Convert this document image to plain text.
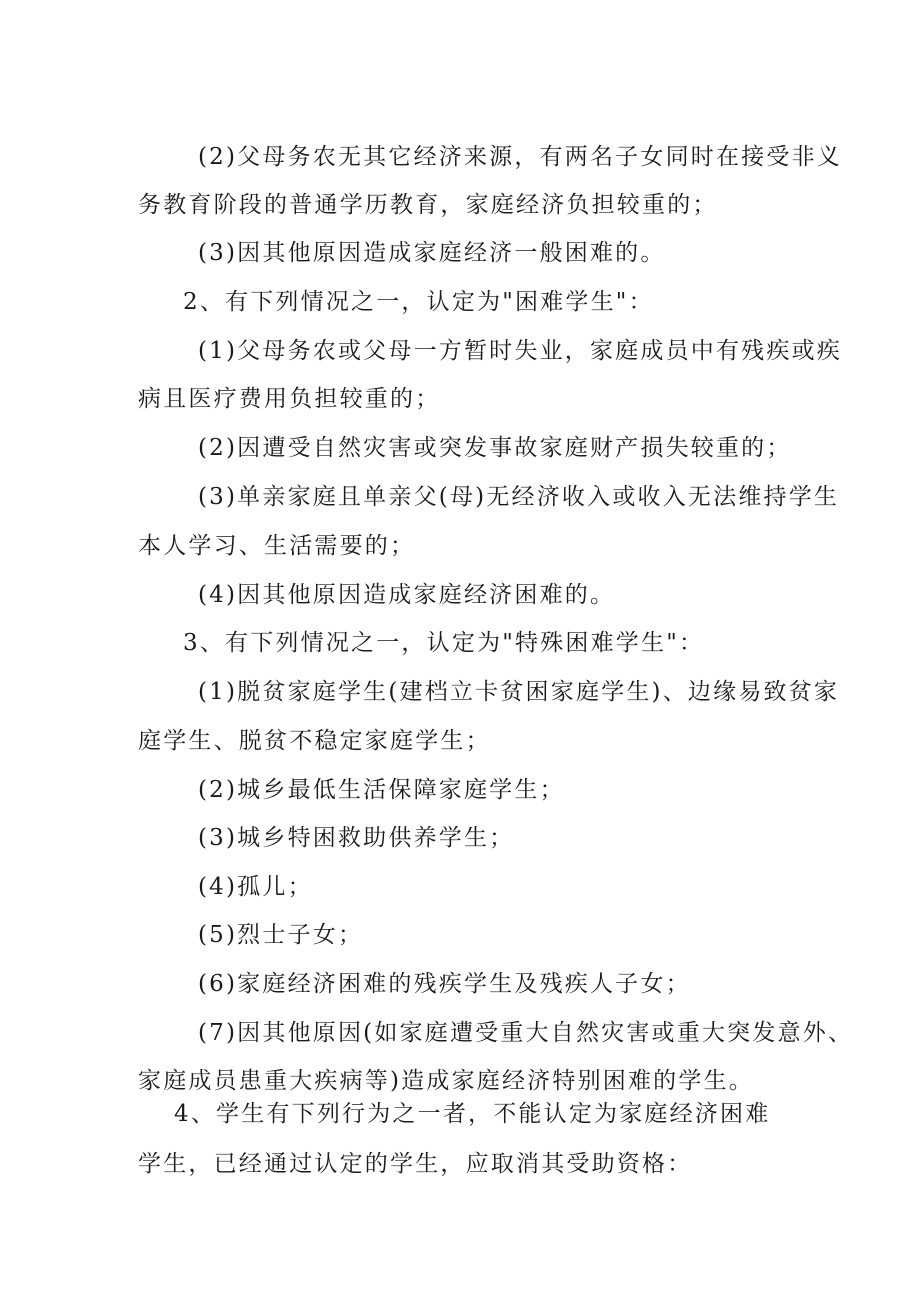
(2)父母务农无其它经济来源，有两名子女同时在接受非义
务教育阶段的普通学历教育，家庭经济负担较重的；
(3)因其他原因造成家庭经济一般困难的。
2、有下列情况之一，认定为"困难学生"：
(1)父母务农或父母一方暂时失业，家庭成员中有残疾或疾
病且医疗费用负担较重的；
(2)因遭受自然灾害或突发事故家庭财产损失较重的；
(3)单亲家庭且单亲父(母)无经济收入或收入无法维持学生
本人学习、生活需要的；
(4)因其他原因造成家庭经济困难的。
3、有下列情况之一，认定为"特殊困难学生"：
(1)脱贫家庭学生(建档立卡贫困家庭学生)、边缘易致贫家
庭学生、脱贫不稳定家庭学生；
(2)城乡最低生活保障家庭学生；
(3)城乡特困救助供养学生；
(4)孤儿；
(5)烈士子女；
(6)家庭经济困难的残疾学生及残疾人子女；
(7)因其他原因(如家庭遭受重大自然灾害或重大突发意外、
家庭成员患重大疾病等)造成家庭经济特别困难的学生。
4、学生有下列行为之一者，不能认定为家庭经济困难
学生，已经通过认定的学生，应取消其受助资格：
